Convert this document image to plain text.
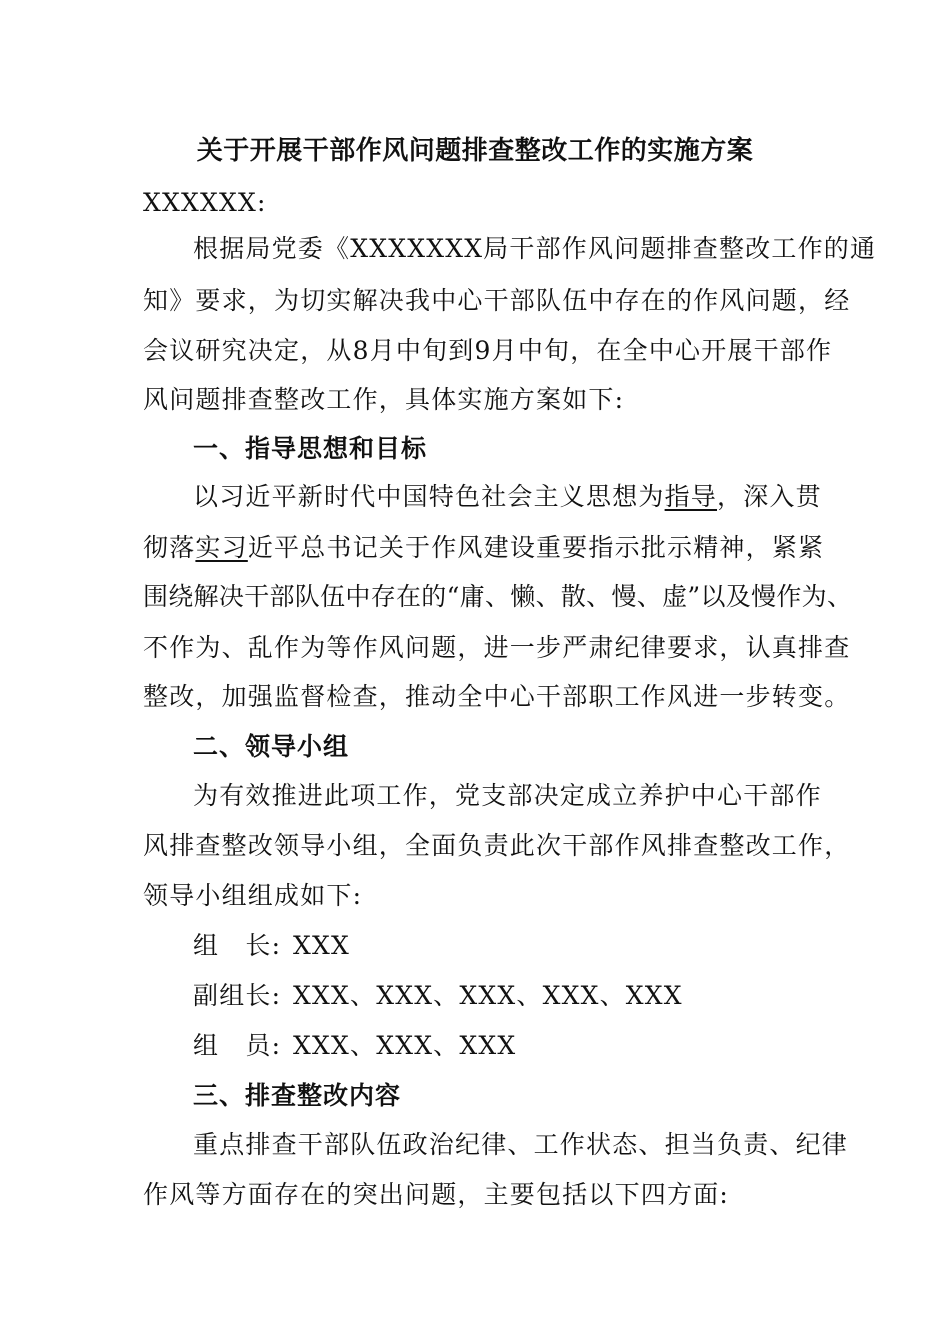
关于开展干部作风问题排查整改工作的实施方案
XXXXXX:
根据局党委《XXXXXXX局干部作风问题排查整改工作的通
知》要求，为切实解决我中心干部队伍中存在的作风问题，经
会议研究决定，从8月中旬到9月中旬，在全中心开展干部作
风问题排查整改工作，具体实施方案如下:
一、指导思想和目标
以习近平新时代中国特色社会主义思想为指导，深入贯
彻落实习近平总书记关于作风建设重要指示批示精神，紧紧
围绕解决干部队伍中存在的“庸、懒、散、慢、虚”以及慢作为、
不作为、乱作为等作风问题，进一步严肃纪律要求，认真排查
整改，加强监督检查，推动全中心干部职工作风进一步转变。
二、领导小组
为有效推进此项工作，党支部决定成立养护中心干部作
风排查整改领导小组，全面负责此次干部作风排查整改工作，
领导小组组成如下:
组　长: XXX
副组长: XXX、XXX、XXX、XXX、XXX
组　员: XXX、XXX、XXX
三、排查整改内容
重点排查干部队伍政治纪律、工作状态、担当负责、纪律
作风等方面存在的突出问题，主要包括以下四方面:
